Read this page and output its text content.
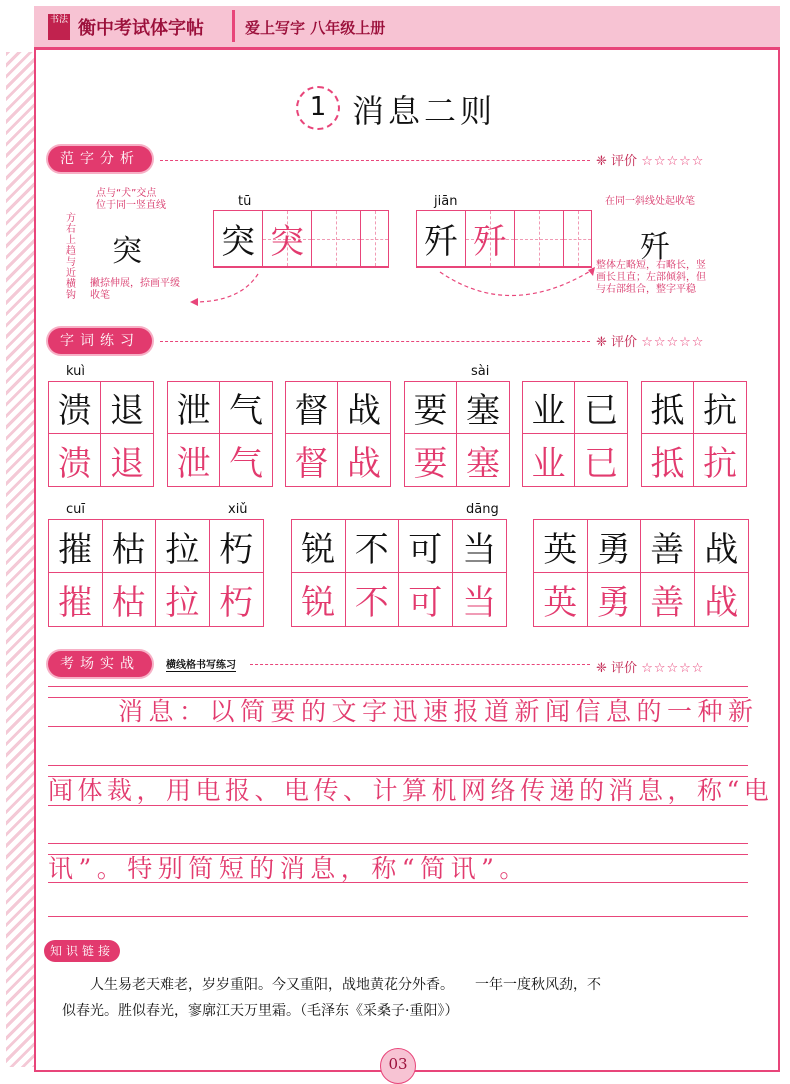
书法 衡中考试体字帖	爱上写字 八年级上册
1 消息二则
范字分析	❈ 评价 ☆☆☆☆☆
点与“犬”交点
位于同一竖直线
方右上趋与近横钩
突
撇捺伸展，捺画平缓
收笔
tū
突 突
jiān
歼 歼
在同一斜线处起收笔
歼
整体左略短，右略长，竖
画长且直；左部倾斜，但
与右部组合，整字平稳
字词练习	❈ 评价 ☆☆☆☆☆
溃 退
溃 退
泄 气
泄 气
督 战
督 战
要 塞
要 塞
业 已
业 已
抵 抗
抵 抗
kuì	sài
摧 枯 拉 朽
摧 枯 拉 朽
锐 不 可 当
锐 不 可 当
英 勇 善 战
英 勇 善 战
cuī	xiǔ	dāng
考场实战	横线格书写练习	❈ 评价 ☆☆☆☆☆
消息：以简要的文字迅速报道新闻信息的一种新
闻体裁，用电报、电传、计算机网络传递的消息，称“电
讯”。特别简短的消息，称“简讯”。
知识链接
人生易老天难老，岁岁重阳。今又重阳，战地黄花分外香。　　一年一度秋风劲，不
似春光。胜似春光，寥廓江天万里霜。（毛泽东《采桑子·重阳》）
03
